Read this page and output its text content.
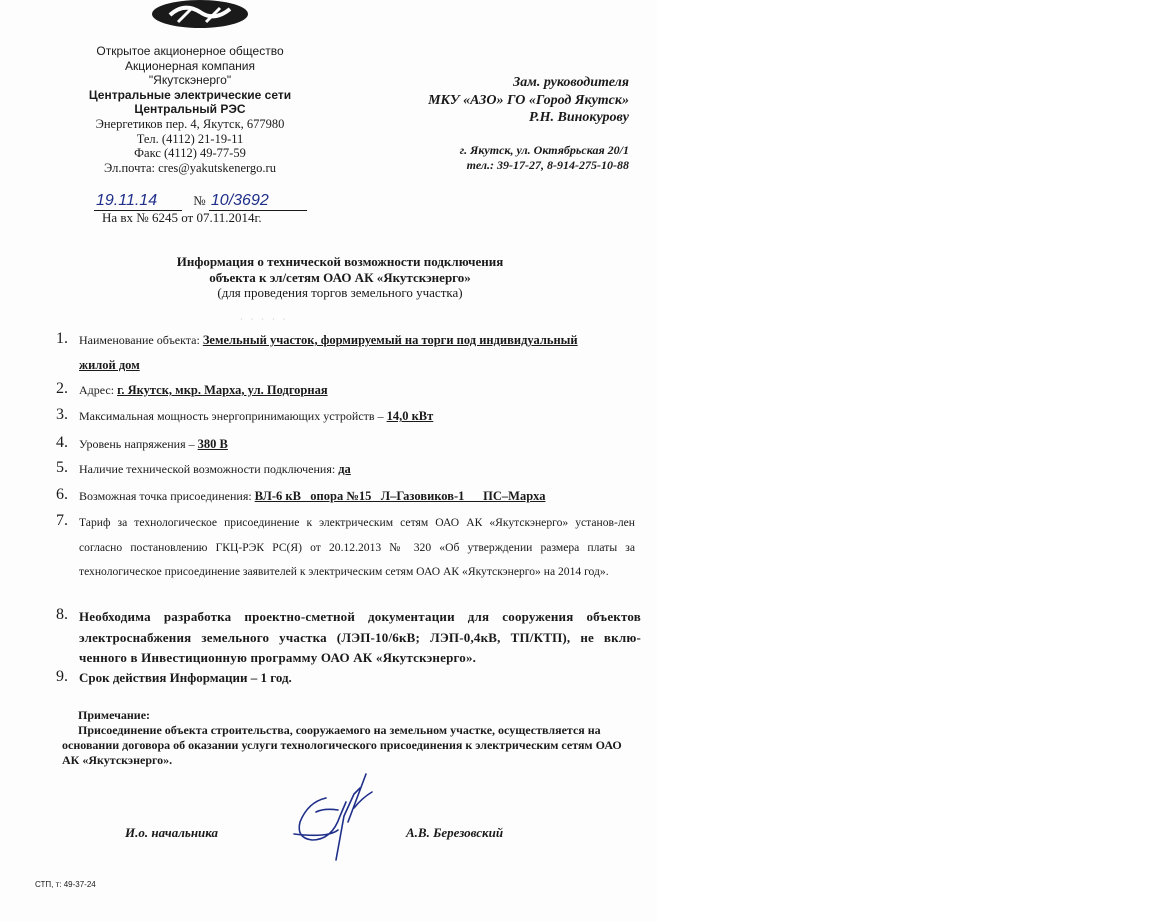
Открытое акционерное общество
Акционерная компания
"Якутскэнерго"
Центральные электрические сети
Центральный РЭС
Энергетиков пер. 4, Якутск, 677980
Тел. (4112) 21-19-11
Факс (4112) 49-77-59
Эл.почта: cres@yakutskenergo.ru
Зам. руководителя
МКУ «АЗО» ГО «Город Якутск»
Р.Н. Винокурову
г. Якутск, ул. Октябрьская 20/1
тел.: 39-17-27, 8-914-275-10-88
19.11.14	№ 10/3692
На вх № 6245 от 07.11.2014г.
Информация о технической возможности подключения
объекта к эл/сетям ОАО АК «Якутскэнерго»
(для проведения торгов земельного участка)
· · · · ·
1. Наименование объекта: Земельный участок, формируемый на торги под индивидуальный
жилой дом
2. Адрес: г. Якутск, мкр. Марха, ул. Подгорная
3. Максимальная мощность энергопринимающих устройств – 14,0 кВт
4. Уровень напряжения – 380 В
5. Наличие технической возможности подключения: да
6. Возможная точка присоединения: ВЛ-6 кВ   опора №15   Л–Газовиков-1      ПС–Марха
7. Тариф за технологическое присоединение к электрическим сетям ОАО АК «Якутскэнерго» установ-лен согласно постановлению ГКЦ-РЭК РС(Я) от 20.12.2013 № 320 «Об утверждении размера платы за технологическое присоединение заявителей к электрическим сетям ОАО АК «Якутскэнерго» на 2014 год».
8. Необходима разработка проектно-сметной документации для сооружения объектов электроснабжения земельного участка (ЛЭП-10/6кВ; ЛЭП-0,4кВ, ТП/КТП), не вклю-ченного в Инвестиционную программу ОАО АК «Якутскэнерго».
9. Срок действия Информации – 1 год.
Примечание:
Присоединение объекта строительства, сооружаемого на земельном участке, осуществляется на основании договора об оказании услуги технологического присоединения к электрическим сетям ОАО АК «Якутскэнерго».
И.о. начальника	А.В. Березовский
СТП, т: 49-37-24
